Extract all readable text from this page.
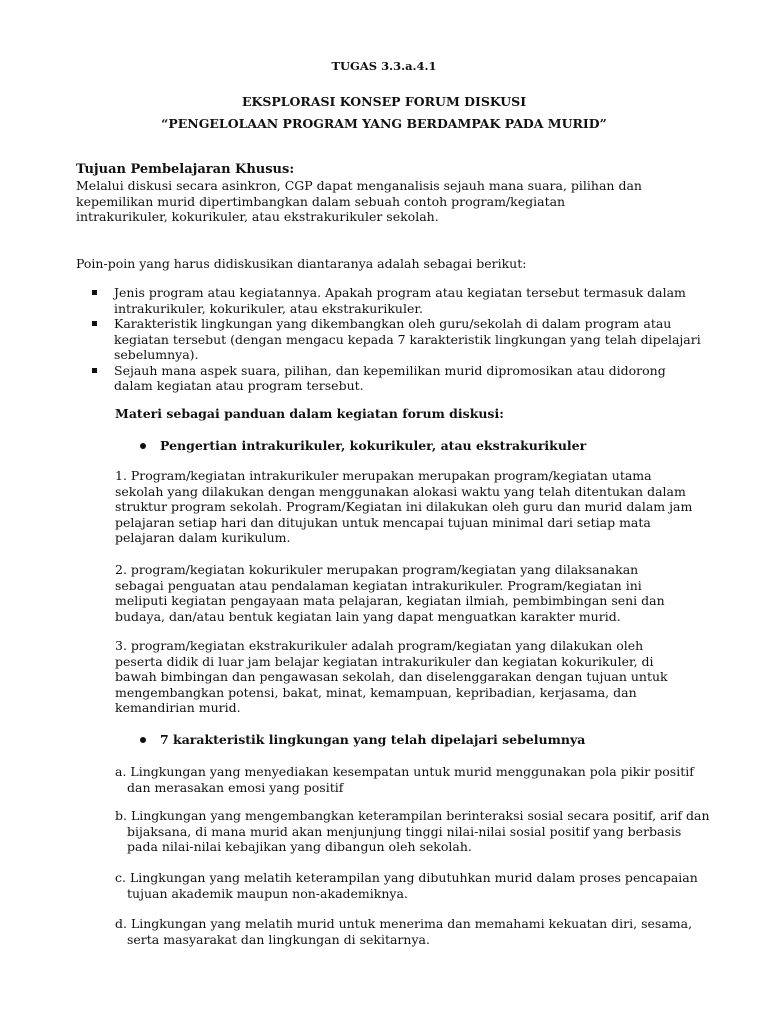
TUGAS 3.3.a.4.1
EKSPLORASI KONSEP FORUM DISKUSI
“PENGELOLAAN PROGRAM YANG BERDAMPAK PADA MURID”
Tujuan Pembelajaran Khusus:

Melalui diskusi secara asinkron, CGP dapat menganalisis sejauh mana suara, pilihan dan

kepemilikan murid dipertimbangkan dalam sebuah contoh program/kegiatan

intrakurikuler, kokurikuler, atau ekstrakurikuler sekolah.

Poin-poin yang harus didiskusikan diantaranya adalah sebagai berikut:

Jenis program atau kegiatannya. Apakah program atau kegiatan tersebut termasuk dalam

intrakurikuler, kokurikuler, atau ekstrakurikuler.

Karakteristik lingkungan yang dikembangkan oleh guru/sekolah di dalam program atau

kegiatan tersebut (dengan mengacu kepada 7 karakteristik lingkungan yang telah dipelajari

sebelumnya).

Sejauh mana aspek suara, pilihan, dan kepemilikan murid dipromosikan atau didorong

dalam kegiatan atau program tersebut.

Materi sebagai panduan dalam kegiatan forum diskusi:
Pengertian intrakurikuler, kokurikuler, atau ekstrakurikuler

1. Program/kegiatan intrakurikuler merupakan merupakan program/kegiatan utama

sekolah yang dilakukan dengan menggunakan alokasi waktu yang telah ditentukan dalam

struktur program sekolah. Program/Kegiatan ini dilakukan oleh guru dan murid dalam jam

pelajaran setiap hari dan ditujukan untuk mencapai tujuan minimal dari setiap mata

pelajaran dalam kurikulum.

2. program/kegiatan kokurikuler merupakan program/kegiatan yang dilaksanakan

sebagai penguatan atau pendalaman kegiatan intrakurikuler. Program/kegiatan ini

meliputi kegiatan pengayaan mata pelajaran, kegiatan ilmiah, pembimbingan seni dan

budaya, dan/atau bentuk kegiatan lain yang dapat menguatkan karakter murid.

3. program/kegiatan ekstrakurikuler adalah program/kegiatan yang dilakukan oleh

peserta didik di luar jam belajar kegiatan intrakurikuler dan kegiatan kokurikuler, di

bawah bimbingan dan pengawasan sekolah, dan diselenggarakan dengan tujuan untuk

mengembangkan potensi, bakat, minat, kemampuan, kepribadian, kerjasama, dan

kemandirian murid.

7 karakteristik lingkungan yang telah dipelajari sebelumnya
a. Lingkungan yang menyediakan kesempatan untuk murid menggunakan pola pikir positif
dan merasakan emosi yang positif
b. Lingkungan yang mengembangkan keterampilan berinteraksi sosial secara positif, arif dan
bijaksana, di mana murid akan menjunjung tinggi nilai-nilai sosial positif yang berbasis
pada nilai-nilai kebajikan yang dibangun oleh sekolah.
c. Lingkungan yang melatih keterampilan yang dibutuhkan murid dalam proses pencapaian
tujuan akademik maupun non-akademiknya.
d. Lingkungan yang melatih murid untuk menerima dan memahami kekuatan diri, sesama,
serta masyarakat dan lingkungan di sekitarnya.
